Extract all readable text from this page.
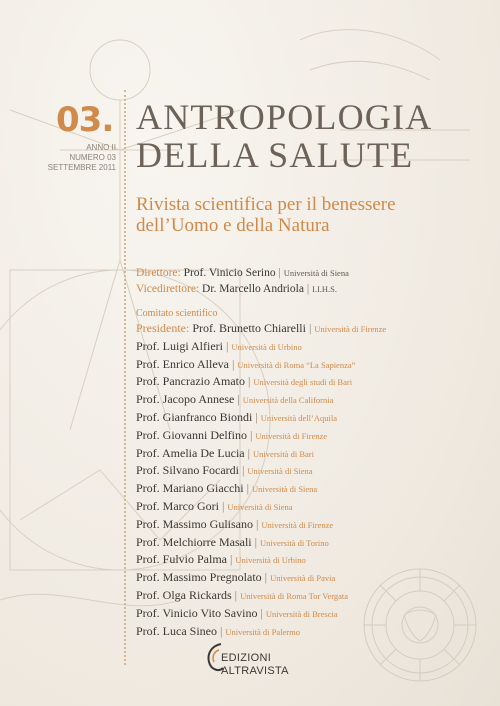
03.
ANNO II
NUMERO 03
SETTEMBRE 2011
ANTROPOLOGIA
DELLA SALUTE
Rivista scientifica per il benessere
dell’Uomo e della Natura
Direttore: Prof. Vinicio Serino | Università di Siena
Vicedirettore: Dr. Marcello Andriola | I.I.H.S.
Comitato scientifico
Presidente: Prof. Brunetto Chiarelli | Università di Firenze
Prof. Luigi Alfieri | Università di Urbino
Prof. Enrico Alleva | Università di Roma “La Sapienza”
Prof. Pancrazio Amato | Università degli studi di Bari
Prof. Jacopo Annese | Università della California
Prof. Gianfranco Biondi | Università dell’Aquila
Prof. Giovanni Delfino | Università di Firenze
Prof. Amelia De Lucia | Università di Bari
Prof. Silvano Focardi | Università di Siena
Prof. Mariano Giacchi | Università di Siena
Prof. Marco Gori | Università di Siena
Prof. Massimo Gulisano | Università di Firenze
Prof. Melchiorre Masali | Università di Torino
Prof. Fulvio Palma | Università di Urbino
Prof. Massimo Pregnolato | Università di Pavia
Prof. Olga Rickards | Università di Roma Tor Vergata
Prof. Vinicio Vito Savino | Università di Brescia
Prof. Luca Sineo | Università di Palermo
EDIZIONI
ALTRAVISTA
